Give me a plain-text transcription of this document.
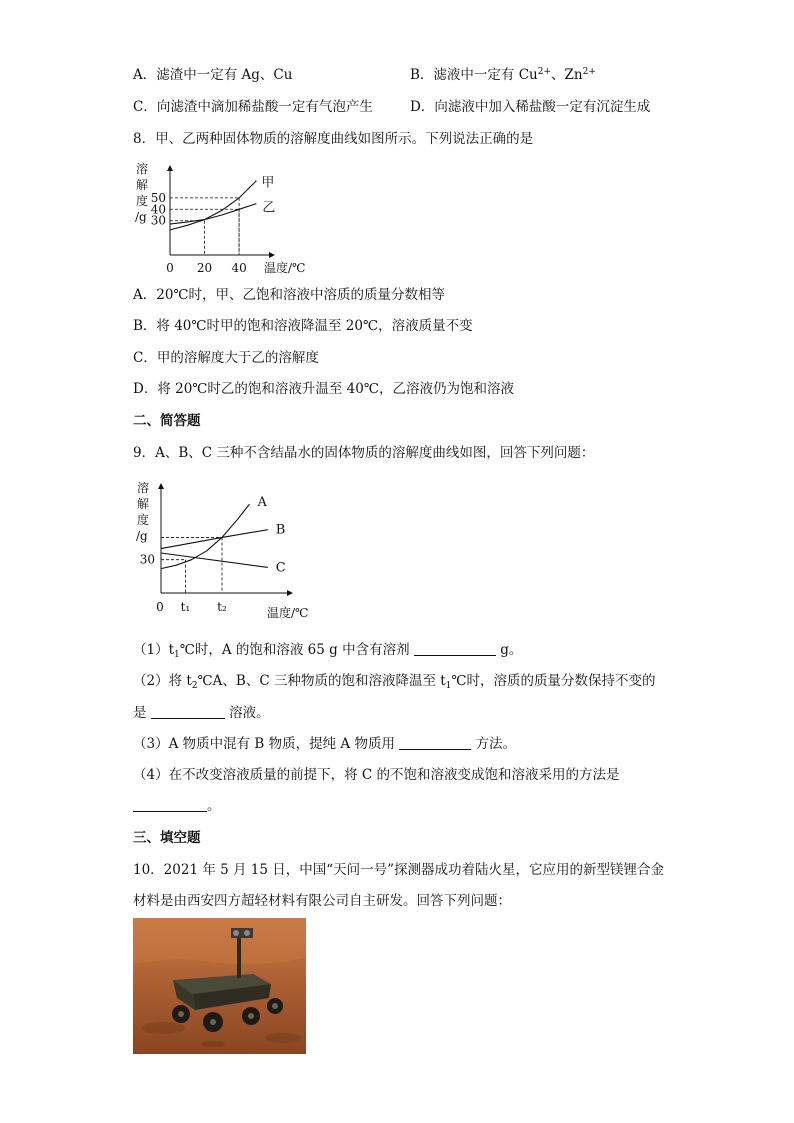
A．滤渣中一定有 Ag、Cu	B．滤液中一定有 $Cu^{2+}$、$Zn^{2+}$
C．向滤渣中滴加稀盐酸一定有气泡产生	D．向滤液中加入稀盐酸一定有沉淀生成
8．甲、乙两种固体物质的溶解度曲线如图所示。下列说法正确的是
溶
解
度
/g
50
40
30
0 20 40 温度/℃
甲
乙
A．20℃时，甲、乙饱和溶液中溶质的质量分数相等
B．将 40℃时甲的饱和溶液降温至 20℃，溶液质量不变
C．甲的溶解度大于乙的溶解度
D．将 20℃时乙的饱和溶液升温至 40℃，乙溶液仍为饱和溶液
二、简答题
9．A、B、C 三种不含结晶水的固体物质的溶解度曲线如图，回答下列问题：
溶
解
度
/g
30
0 t₁ t₂	温度/℃
A
B
C
$(1)t_1℃$时，A 的饱和溶液 65 g 中含有溶剂	g。
（2）将 $t_2℃A$、B、C 三种物质的饱和溶液降温至 $t_1℃$时，溶质的质量分数保持不变的
是	溶液。
（3）A 物质中混有 B 物质，提纯 A 物质用	方法。
（4）在不改变溶液质量的前提下，将 C 的不饱和溶液变成饱和溶液采用的方法是
。
三、填空题
10．2021 年 5 月 15 日，中国“天问一号”探测器成功着陆火星，它应用的新型镁锂合金
材料是由西安四方超轻材料有限公司自主研发。回答下列问题：
